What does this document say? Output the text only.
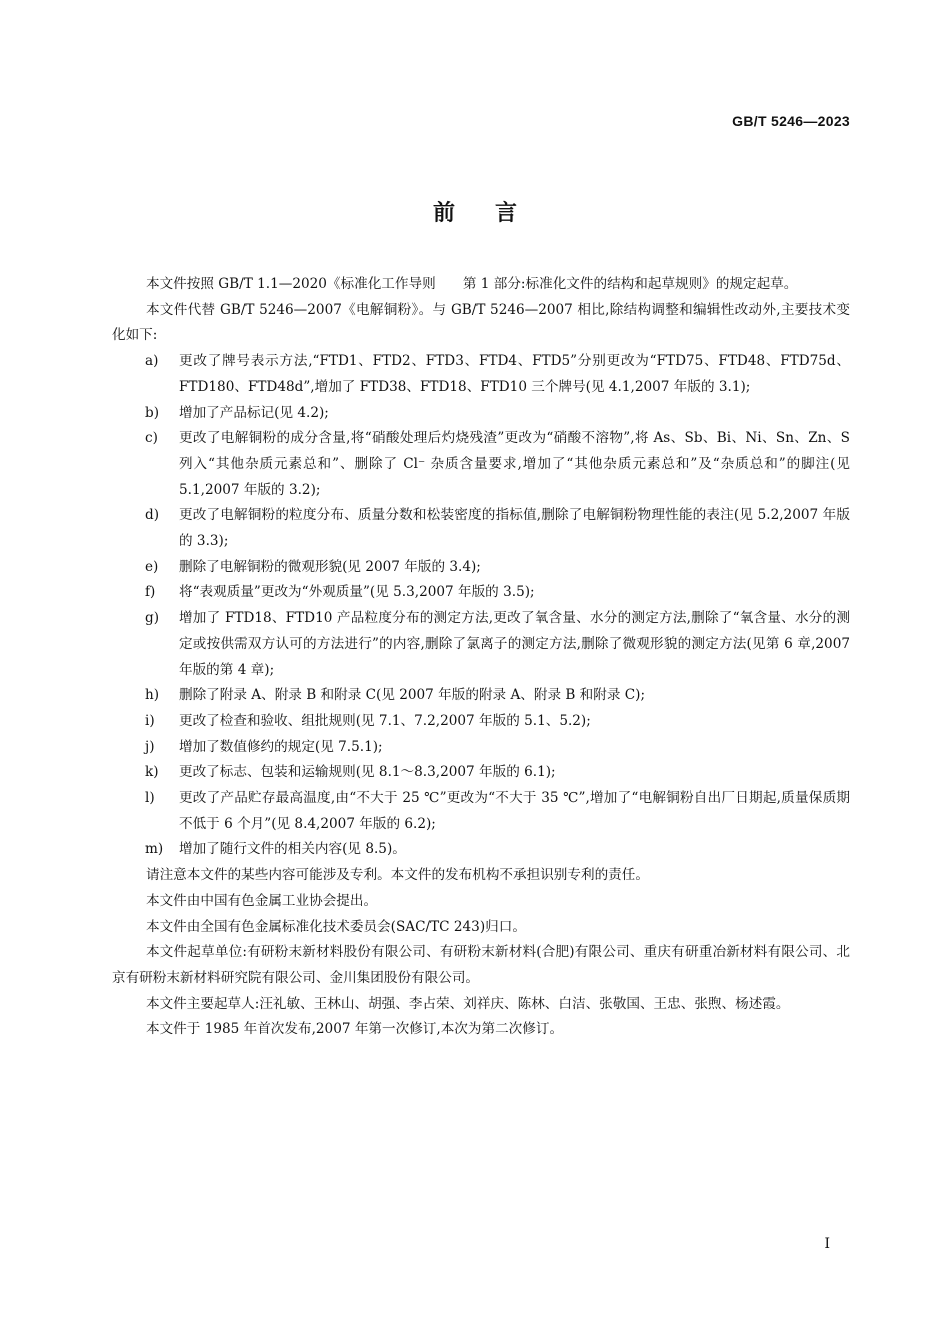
GB/T 5246—2023
前言

本文件按照 GB/T 1.1—2020《标准化工作导则　　第 1 部分:标准化文件的结构和起草规则》的规定起草。

本文件代替 GB/T 5246—2007《电解铜粉》。与 GB/T 5246—2007 相比,除结构调整和编辑性改动外,主要技术变化如下:

a)	更改了牌号表示方法,“FTD1、FTD2、FTD3、FTD4、FTD5”分别更改为“FTD75、FTD48、FTD75d、FTD180、FTD48d”,增加了 FTD38、FTD18、FTD10 三个牌号(见 4.1,2007 年版的 3.1);
b)	增加了产品标记(见 4.2);
c)	更改了电解铜粉的成分含量,将“硝酸处理后灼烧残渣”更改为“硝酸不溶物”,将 As、Sb、Bi、Ni、Sn、Zn、S 列入“其他杂质元素总和”、删除了 Cl⁻ 杂质含量要求,增加了“其他杂质元素总和”及“杂质总和”的脚注(见 5.1,2007 年版的 3.2);
d)	更改了电解铜粉的粒度分布、质量分数和松装密度的指标值,删除了电解铜粉物理性能的表注(见 5.2,2007 年版的 3.3);
e)	删除了电解铜粉的微观形貌(见 2007 年版的 3.4);
f)	将“表观质量”更改为“外观质量”(见 5.3,2007 年版的 3.5);
g)	增加了 FTD18、FTD10 产品粒度分布的测定方法,更改了氧含量、水分的测定方法,删除了“氧含量、水分的测定或按供需双方认可的方法进行”的内容,删除了氯离子的测定方法,删除了微观形貌的测定方法(见第 6 章,2007 年版的第 4 章);
h)	删除了附录 A、附录 B 和附录 C(见 2007 年版的附录 A、附录 B 和附录 C);
i)	更改了检查和验收、组批规则(见 7.1、7.2,2007 年版的 5.1、5.2);
j)	增加了数值修约的规定(见 7.5.1);
k)	更改了标志、包装和运输规则(见 8.1～8.3,2007 年版的 6.1);
l)	更改了产品贮存最高温度,由“不大于 25 ℃”更改为“不大于 35 ℃”,增加了“电解铜粉自出厂日期起,质量保质期不低于 6 个月”(见 8.4,2007 年版的 6.2);
m)	增加了随行文件的相关内容(见 8.5)。

请注意本文件的某些内容可能涉及专利。本文件的发布机构不承担识别专利的责任。

本文件由中国有色金属工业协会提出。

本文件由全国有色金属标准化技术委员会(SAC/TC 243)归口。

本文件起草单位:有研粉末新材料股份有限公司、有研粉末新材料(合肥)有限公司、重庆有研重冶新材料有限公司、北京有研粉末新材料研究院有限公司、金川集团股份有限公司。

本文件主要起草人:汪礼敏、王林山、胡强、李占荣、刘祥庆、陈林、白洁、张敬国、王忠、张煦、杨述霞。

本文件于 1985 年首次发布,2007 年第一次修订,本次为第二次修订。

I
